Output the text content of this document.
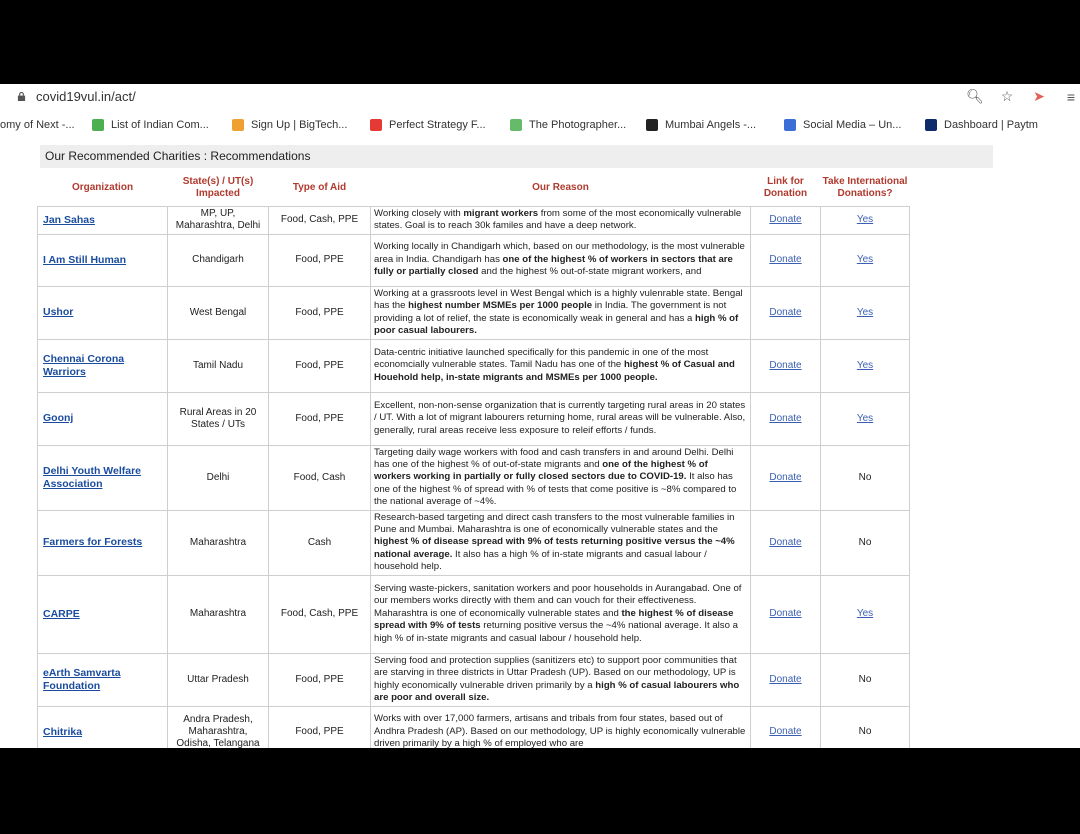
covid19vul.in/act/	🔍︎ ☆ ➤	≡
omy of Next -...	List of Indian Com...	Sign Up | BigTech...	Perfect Strategy F...	The Photographer...	Mumbai Angels -...	Social Media – Un...	Dashboard | Paytm
Our Recommended Charities : Recommendations
Organization	State(s) / UT(s) Impacted	Type of Aid	Our Reason	Link for Donation	Take International Donations?
Jan Sahas	MP, UP, Maharashtra, Delhi	Food, Cash, PPE	Working closely with migrant workers from some of the most economically vulnerable states. Goal is to reach 30k familes and have a deep network.	Donate	Yes
I Am Still Human	Chandigarh	Food, PPE	Working locally in Chandigarh which, based on our methodology, is the most vulnerable area in India. Chandigarh has one of the highest % of workers in sectors that are fully or partially closed and the highest % out-of-state migrant workers, and	Donate	Yes
Ushor	West Bengal	Food, PPE	Working at a grassroots level in West Bengal which is a highly vulenrable state. Bengal has the highest number MSMEs per 1000 people in India. The government is not providing a lot of relief, the state is economically weak in general and has a high % of poor casual labourers.	Donate	Yes
Chennai Corona Warriors	Tamil Nadu	Food, PPE	Data-centric initiative launched specifically for this pandemic in one of the most economcially vulnerable states. Tamil Nadu has one of the highest % of Casual and Houehold help, in-state migrants and MSMEs per 1000 people.	Donate	Yes
Goonj	Rural Areas in 20 States / UTs	Food, PPE	Excellent, non-non-sense organization that is currently targeting rural areas in 20 states / UT. With a lot of migrant labourers returning home, rural areas will be vulnerable. Also, generally, rural areas receive less exposure to releif efforts / funds.	Donate	Yes
Delhi Youth Welfare Association	Delhi	Food, Cash	Targeting daily wage workers with food and cash transfers in and around Delhi. Delhi has one of the highest % of out-of-state migrants and one of the highest % of workers working in partially or fully closed sectors due to COVID-19. It also has one of the highest % of spread with % of tests that come positive is ~8% compared to the national average of ~4%.	Donate	No
Farmers for Forests	Maharashtra	Cash	Research-based targeting and direct cash transfers to the most vulnerable families in Pune and Mumbai. Maharashtra is one of economically vulnerable states and the highest % of disease spread with 9% of tests returning positive versus the ~4% national average. It also has a high % of in-state migrants and casual labour / household help.	Donate	No
CARPE	Maharashtra	Food, Cash, PPE	Serving waste-pickers, sanitation workers and poor households in Aurangabad. One of our members works directly with them and can vouch for their effectiveness. Maharashtra is one of economically vulnerable states and the highest % of disease spread with 9% of tests returning positive versus the ~4% national average. It also a high % of in-state migrants and casual labour / household help.	Donate	Yes
eArth Samvarta Foundation	Uttar Pradesh	Food, PPE	Serving food and protection supplies (sanitizers etc) to support poor communities that are starving in three districts in Uttar Pradesh (UP). Based on our methodology, UP is highly economically vulnerable driven primarily by a high % of casual labourers who are poor and overall size.	Donate	No
Chitrika	Andra Pradesh, Maharashtra, Odisha, Telangana	Food, PPE	Works with over 17,000 farmers, artisans and tribals from four states, based out of Andhra Pradesh (AP). Based on our methodology, UP is highly economically vulnerable driven primarily by a high % of employed who are	Donate	No
